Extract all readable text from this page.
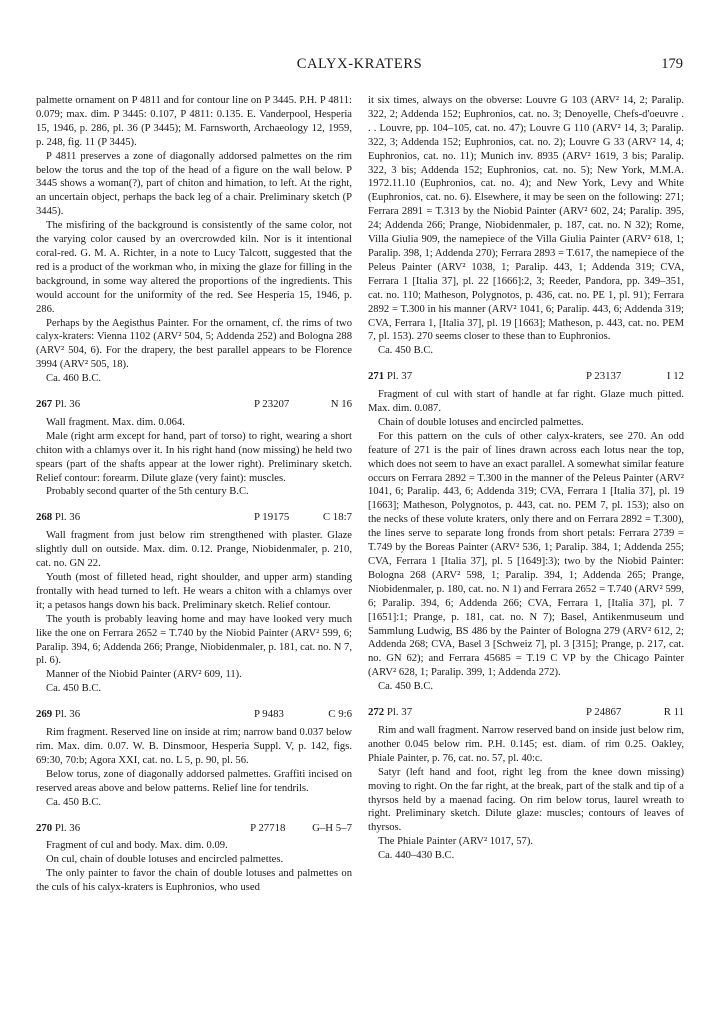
CALYX-KRATERS	179

palmette ornament on P 4811 and for contour line on P 3445. P.H. P 4811: 0.079; max. dim. P 3445: 0.107, P 4811: 0.135. E. Vanderpool, Hesperia 15, 1946, p. 286, pl. 36 (P 3445); M. Farnsworth, Archaeology 12, 1959, p. 248, fig. 11 (P 3445).

P 4811 preserves a zone of diagonally addorsed palmettes on the rim below the torus and the top of the head of a figure on the wall below. P 3445 shows a woman(?), part of chiton and himation, to left. At the right, an uncertain object, perhaps the back leg of a chair. Preliminary sketch (P 3445).

The misfiring of the background is consistently of the same color, not the varying color caused by an overcrowded kiln. Nor is it intentional coral-red. G. M. A. Richter, in a note to Lucy Talcott, suggested that the red is a product of the workman who, in mixing the glaze for filling in the background, in some way altered the proportions of the ingredients. This would account for the uniformity of the red. See Hesperia 15, 1946, p. 286.

Perhaps by the Aegisthus Painter. For the ornament, cf. the rims of two calyx-kraters: Vienna 1102 (ARV² 504, 5; Addenda 252) and Bologna 288 (ARV² 504, 6). For the drapery, the best parallel appears to be Florence 3994 (ARV² 505, 18).

Ca. 460 B.C.

267 Pl. 36	P 23207	N 16

Wall fragment. Max. dim. 0.064.

Male (right arm except for hand, part of torso) to right, wearing a short chiton with a chlamys over it. In his right hand (now missing) he held two spears (part of the shafts appear at the lower right). Preliminary sketch. Relief contour: forearm. Dilute glaze (very faint): muscles.

Probably second quarter of the 5th century B.C.

268 Pl. 36	P 19175	C 18:7

Wall fragment from just below rim strengthened with plaster. Glaze slightly dull on outside. Max. dim. 0.12. Prange, Niobidenmaler, p. 210, cat. no. GN 22.

Youth (most of filleted head, right shoulder, and upper arm) standing frontally with head turned to left. He wears a chiton with a chlamys over it; a petasos hangs down his back. Preliminary sketch. Relief contour.

The youth is probably leaving home and may have looked very much like the one on Ferrara 2652 = T.740 by the Niobid Painter (ARV² 599, 6; Paralip. 394, 6; Addenda 266; Prange, Niobidenmaler, p. 181, cat. no. N 7, pl. 6).

Manner of the Niobid Painter (ARV² 609, 11).

Ca. 450 B.C.

269 Pl. 36	P 9483	C 9:6

Rim fragment. Reserved line on inside at rim; narrow band 0.037 below rim. Max. dim. 0.07. W. B. Dinsmoor, Hesperia Suppl. V, p. 142, figs. 69:30, 70:b; Agora XXI, cat. no. L 5, p. 90, pl. 56.

Below torus, zone of diagonally addorsed palmettes. Graffiti incised on reserved areas above and below patterns. Relief line for tendrils.

Ca. 450 B.C.

270 Pl. 36	P 27718 G–H 5–7

Fragment of cul and body. Max. dim. 0.09.

On cul, chain of double lotuses and encircled palmettes.

The only painter to favor the chain of double lotuses and palmettes on the culs of his calyx-kraters is Euphronios, who used

it six times, always on the obverse: Louvre G 103 (ARV² 14, 2; Paralip. 322, 2; Addenda 152; Euphronios, cat. no. 3; Denoyelle, Chefs-d'oeuvre . . . Louvre, pp. 104–105, cat. no. 47); Louvre G 110 (ARV² 14, 3; Paralip. 322, 3; Addenda 152; Euphronios, cat. no. 2); Louvre G 33 (ARV² 14, 4; Euphronios, cat. no. 11); Munich inv. 8935 (ARV² 1619, 3 bis; Paralip. 322, 3 bis; Addenda 152; Euphronios, cat. no. 5); New York, M.M.A. 1972.11.10 (Euphronios, cat. no. 4); and New York, Levy and White (Euphronios, cat. no. 6). Elsewhere, it may be seen on the following: 271; Ferrara 2891 = T.313 by the Niobid Painter (ARV² 602, 24; Paralip. 395, 24; Addenda 266; Prange, Niobidenmaler, p. 187, cat. no. N 32); Rome, Villa Giulia 909, the namepiece of the Villa Giulia Painter (ARV² 618, 1; Paralip. 398, 1; Addenda 270); Ferrara 2893 = T.617, the namepiece of the Peleus Painter (ARV² 1038, 1; Paralip. 443, 1; Addenda 319; CVA, Ferrara 1 [Italia 37], pl. 22 [1666]:2, 3; Reeder, Pandora, pp. 349–351, cat. no. 110; Matheson, Polygnotos, p. 436, cat. no. PE 1, pl. 91); Ferrara 2892 = T.300 in his manner (ARV² 1041, 6; Paralip. 443, 6; Addenda 319; CVA, Ferrara 1, [Italia 37], pl. 19 [1663]; Matheson, p. 443, cat. no. PEM 7, pl. 153). 270 seems closer to these than to Euphronios.

Ca. 450 B.C.

271 Pl. 37	P 23137	I 12

Fragment of cul with start of handle at far right. Glaze much pitted. Max. dim. 0.087.

Chain of double lotuses and encircled palmettes.

For this pattern on the culs of other calyx-kraters, see 270. An odd feature of 271 is the pair of lines drawn across each lotus near the top, which does not seem to have an exact parallel. A somewhat similar feature occurs on Ferrara 2892 = T.300 in the manner of the Peleus Painter (ARV² 1041, 6; Paralip. 443, 6; Addenda 319; CVA, Ferrara 1 [Italia 37], pl. 19 [1663]; Matheson, Polygnotos, p. 443, cat. no. PEM 7, pl. 153); also on the necks of these volute kraters, only there and on Ferrara 2892 = T.300), the lines serve to separate long fronds from short petals: Ferrara 2739 = T.749 by the Boreas Painter (ARV² 536, 1; Paralip. 384, 1; Addenda 255; CVA, Ferrara 1 [Italia 37], pl. 5 [1649]:3); two by the Niobid Painter: Bologna 268 (ARV² 598, 1; Paralip. 394, 1; Addenda 265; Prange, Niobidenmaler, p. 180, cat. no. N 1) and Ferrara 2652 = T.740 (ARV² 599, 6; Paralip. 394, 6; Addenda 266; CVA, Ferrara 1, [Italia 37], pl. 7 [1651]:1; Prange, p. 181, cat. no. N 7); Basel, Antikenmuseum und Sammlung Ludwig, BS 486 by the Painter of Bologna 279 (ARV² 612, 2; Addenda 268; CVA, Basel 3 [Schweiz 7], pl. 3 [315]; Prange, p. 217, cat. no. GN 62); and Ferrara 45685 = T.19 C VP by the Chicago Painter (ARV² 628, 1; Paralip. 399, 1; Addenda 272).

Ca. 450 B.C.

272 Pl. 37	P 24867	R 11

Rim and wall fragment. Narrow reserved band on inside just below rim, another 0.045 below rim. P.H. 0.145; est. diam. of rim 0.25. Oakley, Phiale Painter, p. 76, cat. no. 57, pl. 40:c.

Satyr (left hand and foot, right leg from the knee down missing) moving to right. On the far right, at the break, part of the stalk and tip of a thyrsos held by a maenad facing. On rim below torus, laurel wreath to right. Preliminary sketch. Dilute glaze: muscles; contours of leaves of thyrsos.

The Phiale Painter (ARV² 1017, 57).

Ca. 440–430 B.C.
